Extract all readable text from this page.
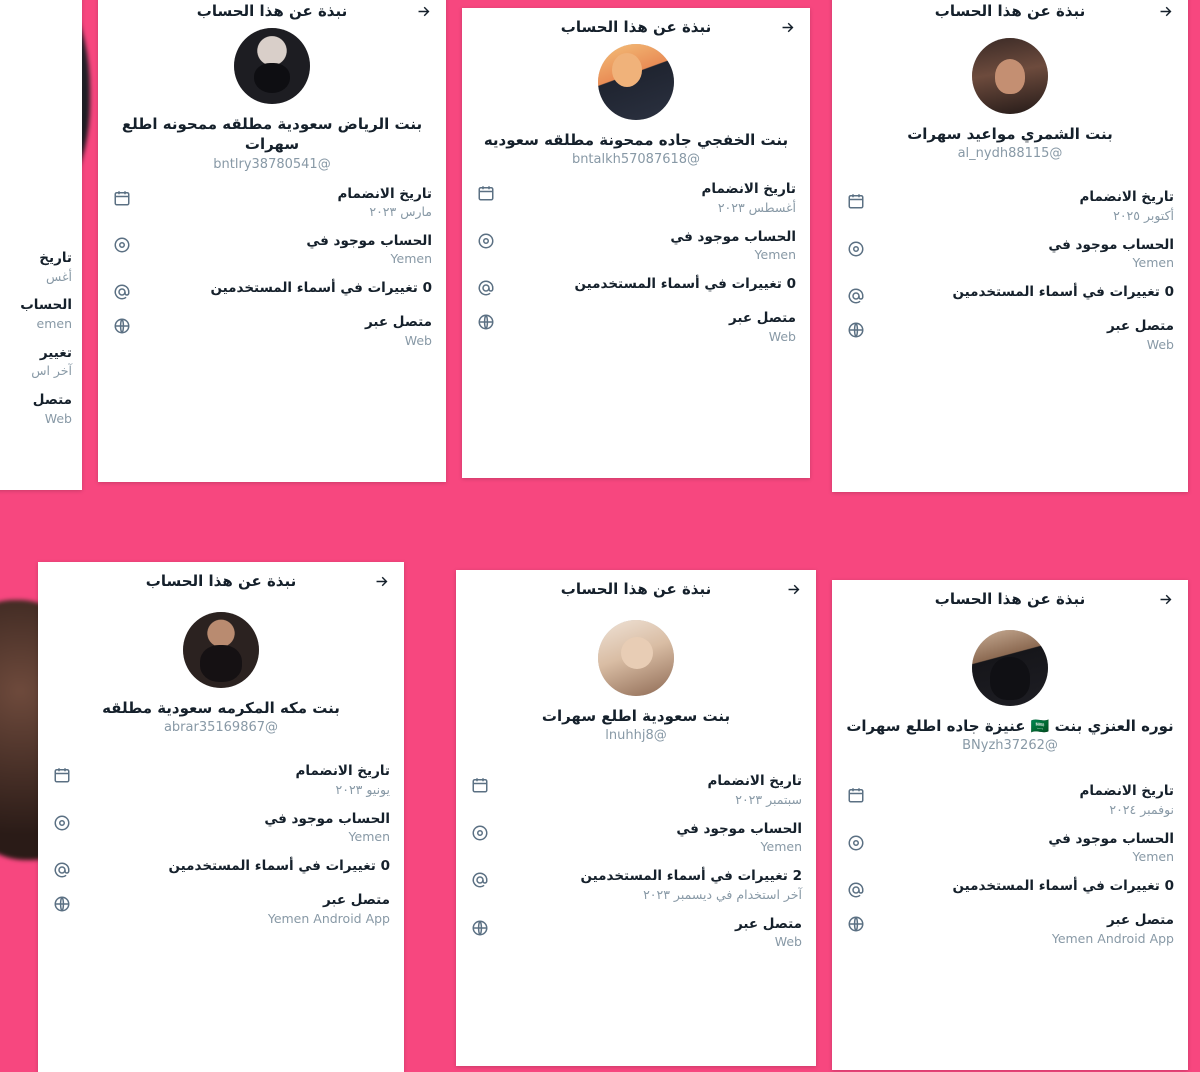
تاريخ
أغس
الحساب
emen
تغيير
آخر اس
متصل
Web
نبذة عن هذا الحساب
بنت الرياض سعودية مطلقه ممحونه اطلع سهرات
@bntlry38780541
تاريخ الانضمام
مارس ٢٠٢٣
الحساب موجود في
Yemen
0 تغييرات في أسماء المستخدمين
متصل عبر
Web
نبذة عن هذا الحساب
بنت الخفجي جاده ممحونة مطلقه سعوديه
@bntalkh57087618
تاريخ الانضمام
أغسطس ٢٠٢٣
الحساب موجود في
Yemen
0 تغييرات في أسماء المستخدمين
متصل عبر
Web
نبذة عن هذا الحساب
بنت الشمري مواعيد سهرات
@al_nydh88115
تاريخ الانضمام
أكتوبر ٢٠٢٥
الحساب موجود في
Yemen
0 تغييرات في أسماء المستخدمين
متصل عبر
Web
نبذة عن هذا الحساب
بنت مكه المكرمه سعودية مطلقه
@abrar35169867
تاريخ الانضمام
يونيو ٢٠٢٣
الحساب موجود في
Yemen
0 تغييرات في أسماء المستخدمين
متصل عبر
Yemen Android App
نبذة عن هذا الحساب
بنت سعودية اطلع سهرات
@lnuhhj8
تاريخ الانضمام
سبتمبر ٢٠٢٣
الحساب موجود في
Yemen
2 تغييرات في أسماء المستخدمين
آخر استخدام في ديسمبر ٢٠٢٣
متصل عبر
Web
نبذة عن هذا الحساب
نوره العنزي بنت 🇸🇦 عنيزة جاده اطلع سهرات
@BNyzh37262
تاريخ الانضمام
نوفمبر ٢٠٢٤
الحساب موجود في
Yemen
0 تغييرات في أسماء المستخدمين
متصل عبر
Yemen Android App
